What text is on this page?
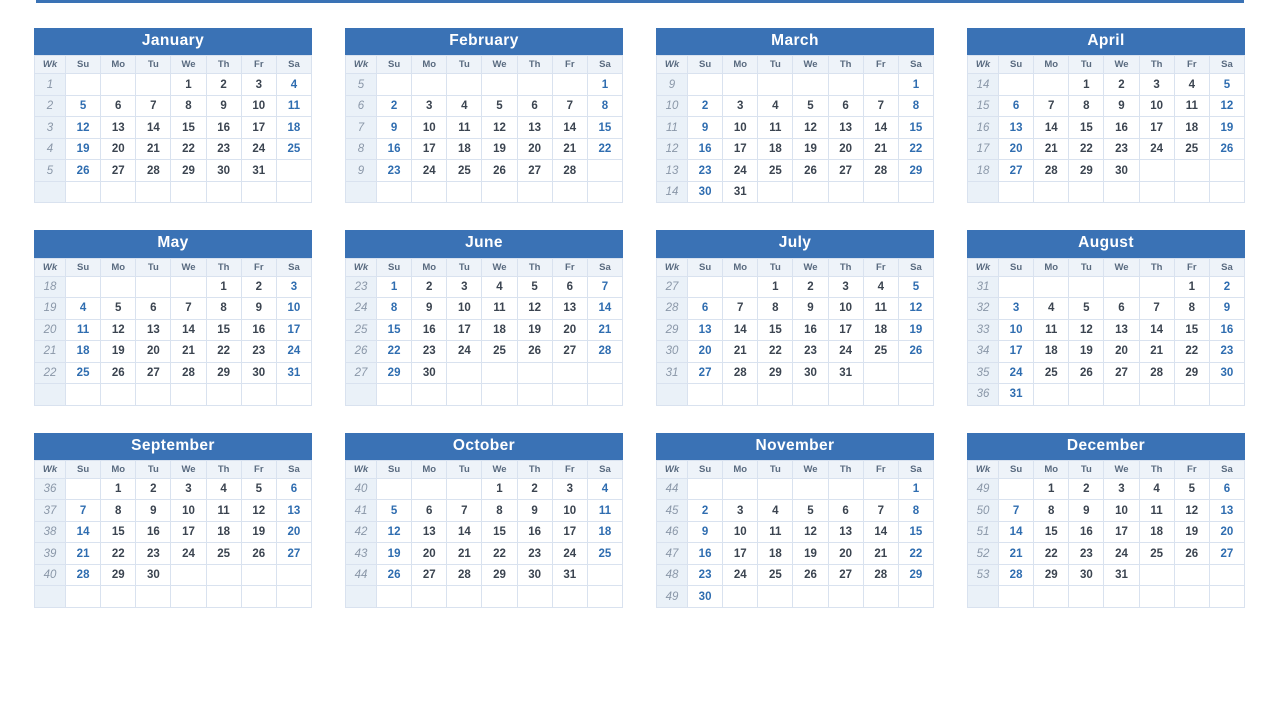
January
Wk	Su	Mo	Tu	We	Th	Fr	Sa
1				1	2	3	4
2	5	6	7	8	9	10	11
3	12	13	14	15	16	17	18
4	19	20	21	22	23	24	25
5	26	27	28	29	30	31	

February
Wk	Su	Mo	Tu	We	Th	Fr	Sa
5							1
6	2	3	4	5	6	7	8
7	9	10	11	12	13	14	15
8	16	17	18	19	20	21	22
9	23	24	25	26	27	28	

March
Wk	Su	Mo	Tu	We	Th	Fr	Sa
9							1
10	2	3	4	5	6	7	8
11	9	10	11	12	13	14	15
12	16	17	18	19	20	21	22
13	23	24	25	26	27	28	29
14	30	31					
April
Wk	Su	Mo	Tu	We	Th	Fr	Sa
14			1	2	3	4	5
15	6	7	8	9	10	11	12
16	13	14	15	16	17	18	19
17	20	21	22	23	24	25	26
18	27	28	29	30			

May
Wk	Su	Mo	Tu	We	Th	Fr	Sa
18					1	2	3
19	4	5	6	7	8	9	10
20	11	12	13	14	15	16	17
21	18	19	20	21	22	23	24
22	25	26	27	28	29	30	31

June
Wk	Su	Mo	Tu	We	Th	Fr	Sa
23	1	2	3	4	5	6	7
24	8	9	10	11	12	13	14
25	15	16	17	18	19	20	21
26	22	23	24	25	26	27	28
27	29	30					

July
Wk	Su	Mo	Tu	We	Th	Fr	Sa
27			1	2	3	4	5
28	6	7	8	9	10	11	12
29	13	14	15	16	17	18	19
30	20	21	22	23	24	25	26
31	27	28	29	30	31		

August
Wk	Su	Mo	Tu	We	Th	Fr	Sa
31						1	2
32	3	4	5	6	7	8	9
33	10	11	12	13	14	15	16
34	17	18	19	20	21	22	23
35	24	25	26	27	28	29	30
36	31						
September
Wk	Su	Mo	Tu	We	Th	Fr	Sa
36		1	2	3	4	5	6
37	7	8	9	10	11	12	13
38	14	15	16	17	18	19	20
39	21	22	23	24	25	26	27
40	28	29	30				

October
Wk	Su	Mo	Tu	We	Th	Fr	Sa
40				1	2	3	4
41	5	6	7	8	9	10	11
42	12	13	14	15	16	17	18
43	19	20	21	22	23	24	25
44	26	27	28	29	30	31	

November
Wk	Su	Mo	Tu	We	Th	Fr	Sa
44							1
45	2	3	4	5	6	7	8
46	9	10	11	12	13	14	15
47	16	17	18	19	20	21	22
48	23	24	25	26	27	28	29
49	30						
December
Wk	Su	Mo	Tu	We	Th	Fr	Sa
49		1	2	3	4	5	6
50	7	8	9	10	11	12	13
51	14	15	16	17	18	19	20
52	21	22	23	24	25	26	27
53	28	29	30	31			
